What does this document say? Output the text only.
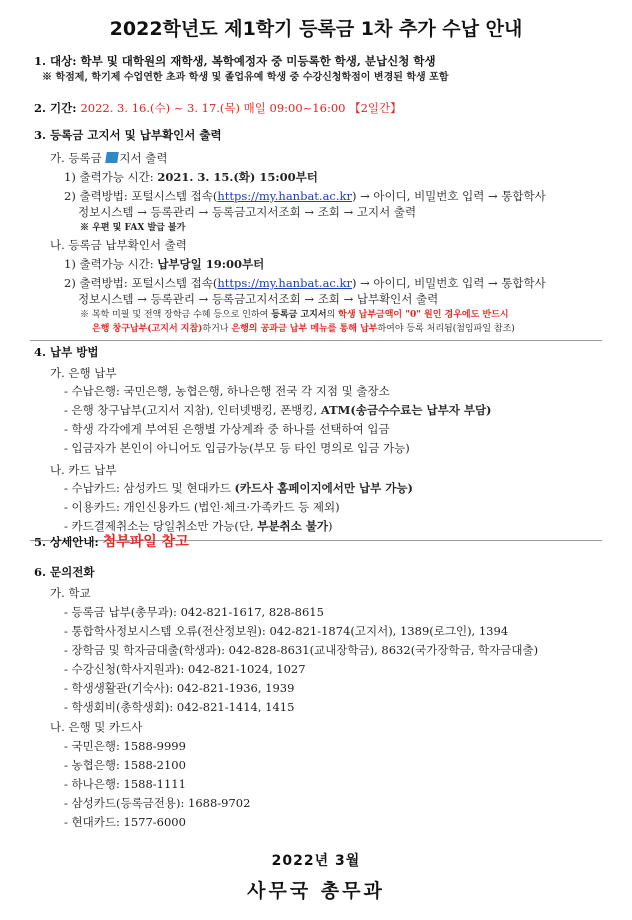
2022학년도 제1학기 등록금 1차 추가 수납 안내
1. 대상: 학부 및 대학원의 재학생, 복학예정자 중 미등록한 학생, 분납신청 학생
※ 학점제, 학기제 수업연한 초과 학생 및 졸업유예 학생 중 수강신청학점이 변경된 학생 포함
2. 기간: 2022. 3. 16.(수) ~ 3. 17.(목) 매일 09:00~16:00 【2일간】
3. 등록금 고지서 및 납부확인서 출력
가. 등록금 지서 출력
1) 출력가능 시간: 2021. 3. 15.(화) 15:00부터
2) 출력방법: 포털시스템 접속(https://my.hanbat.ac.kr) → 아이디, 비밀번호 입력 → 통합학사
정보시스템 → 등록관리 → 등록금고지서조회 → 조회 → 고지서 출력
※ 우편 및 FAX 발급 불가
나. 등록금 납부확인서 출력
1) 출력가능 시간: 납부당일 19:00부터
2) 출력방법: 포털시스템 접속(https://my.hanbat.ac.kr) → 아이디, 비밀번호 입력 → 통합학사
정보시스템 → 등록관리 → 등록금고지서조회 → 조회 → 납부확인서 출력
※ 복학 미필 및 전액 장학금 수혜 등으로 인하여 등록금 고지서의 학생 납부금액이 "0" 원인 경우에도 반드시
은행 창구납부(고지서 지참)하거나 은행의 공과금 납부 메뉴를 통해 납부하여야 등록 처리됨(첨임파일 참조)
4. 납부 방법
가. 은행 납부
- 수납은행: 국민은행, 농협은행, 하나은행 전국 각 지점 및 출장소
- 은행 창구납부(고지서 지참), 인터넷뱅킹, 폰뱅킹, ATM(송금수수료는 납부자 부담)
- 학생 각각에게 부여된 은행별 가상계좌 중 하나를 선택하여 입금
- 입금자가 본인이 아니어도 입금가능(부모 등 타인 명의로 입금 가능)
나. 카드 납부
- 수납카드: 삼성카드 및 현대카드 (카드사 홈페이지에서만 납부 가능)
- 이용카드: 개인신용카드 (법인·체크·가족카드 등 제외)
- 카드결제취소는 당일취소만 가능(단, 부분취소 불가)
5. 상세안내: 첨부파일 참고
6. 문의전화
가. 학교
- 등록금 납부(총무과): 042-821-1617, 828-8615
- 통합학사정보시스템 오류(전산정보원): 042-821-1874(고지서), 1389(로그인), 1394
- 장학금 및 학자금대출(학생과): 042-828-8631(교내장학금), 8632(국가장학금, 학자금대출)
- 수강신청(학사지원과): 042-821-1024, 1027
- 학생생활관(기숙사): 042-821-1936, 1939
- 학생회비(총학생회): 042-821-1414, 1415
나. 은행 및 카드사
- 국민은행: 1588-9999
- 농협은행: 1588-2100
- 하나은행: 1588-1111
- 삼성카드(등록금전용): 1688-9702
- 현대카드: 1577-6000
2022년 3월
사무국 총무과
